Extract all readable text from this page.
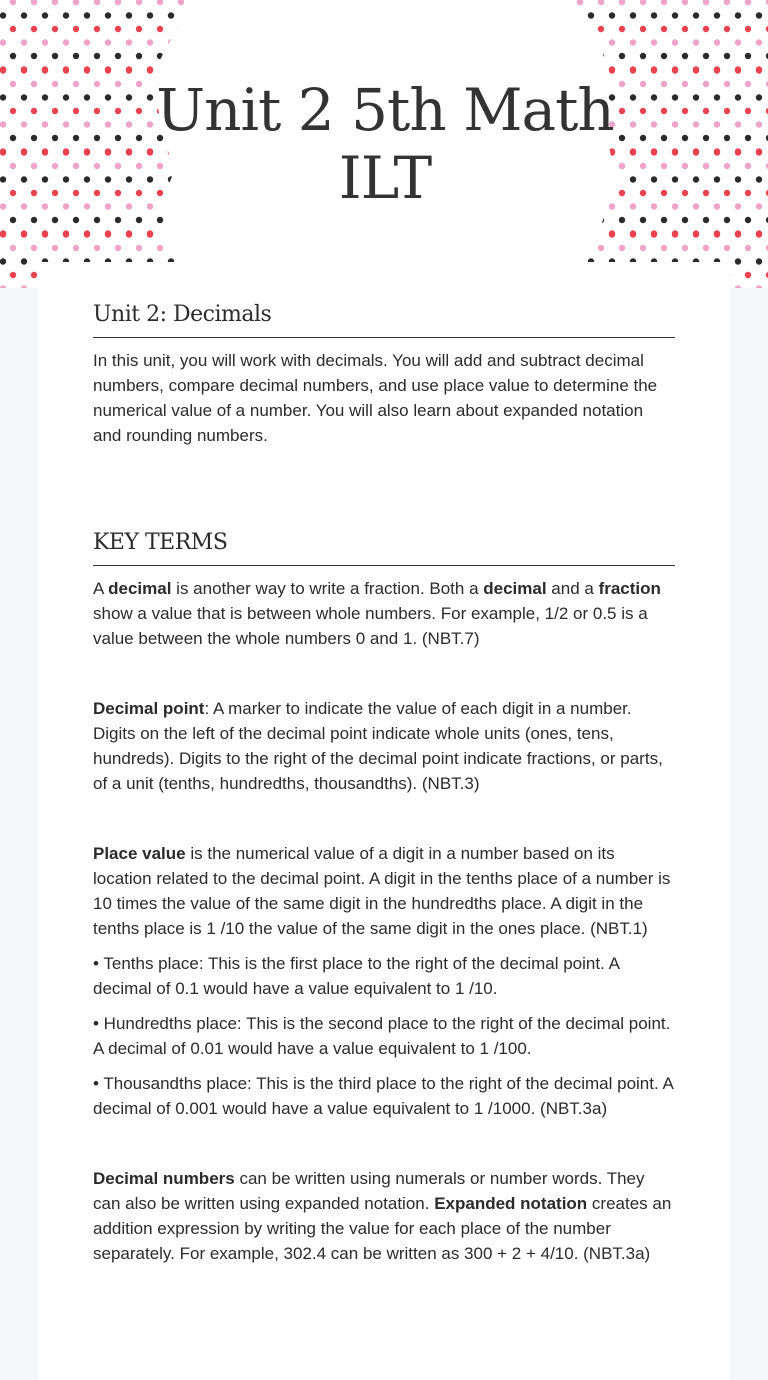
Unit 2 5th Math ILT
Unit 2: Decimals

In this unit, you will work with decimals. You will add and subtract decimal numbers, compare decimal numbers, and use place value to determine the numerical value of a number. You will also learn about expanded notation and rounding numbers.

KEY TERMS

A decimal is another way to write a fraction. Both a decimal and a fraction show a value that is between whole numbers. For example, 1/2 or 0.5 is a value between the whole numbers 0 and 1. (NBT.7)

Decimal point: A marker to indicate the value of each digit in a number. Digits on the left of the decimal point indicate whole units (ones, tens, hundreds). Digits to the right of the decimal point indicate fractions, or parts, of a unit (tenths, hundredths, thousandths). (NBT.3)

Place value is the numerical value of a digit in a number based on its location related to the decimal point. A digit in the tenths place of a number is 10 times the value of the same digit in the hundredths place. A digit in the tenths place is 1 /10 the value of the same digit in the ones place. (NBT.1)

• Tenths place: This is the first place to the right of the decimal point. A decimal of 0.1 would have a value equivalent to 1 /10.

• Hundredths place: This is the second place to the right of the decimal point. A decimal of 0.01 would have a value equivalent to 1 /100.

• Thousandths place: This is the third place to the right of the decimal point. A decimal of 0.001 would have a value equivalent to 1 /1000. (NBT.3a)

Decimal numbers can be written using numerals or number words. They can also be written using expanded notation. Expanded notation creates an addition expression by writing the value for each place of the number separately. For example, 302.4 can be written as 300 + 2 + 4/10. (NBT.3a)
